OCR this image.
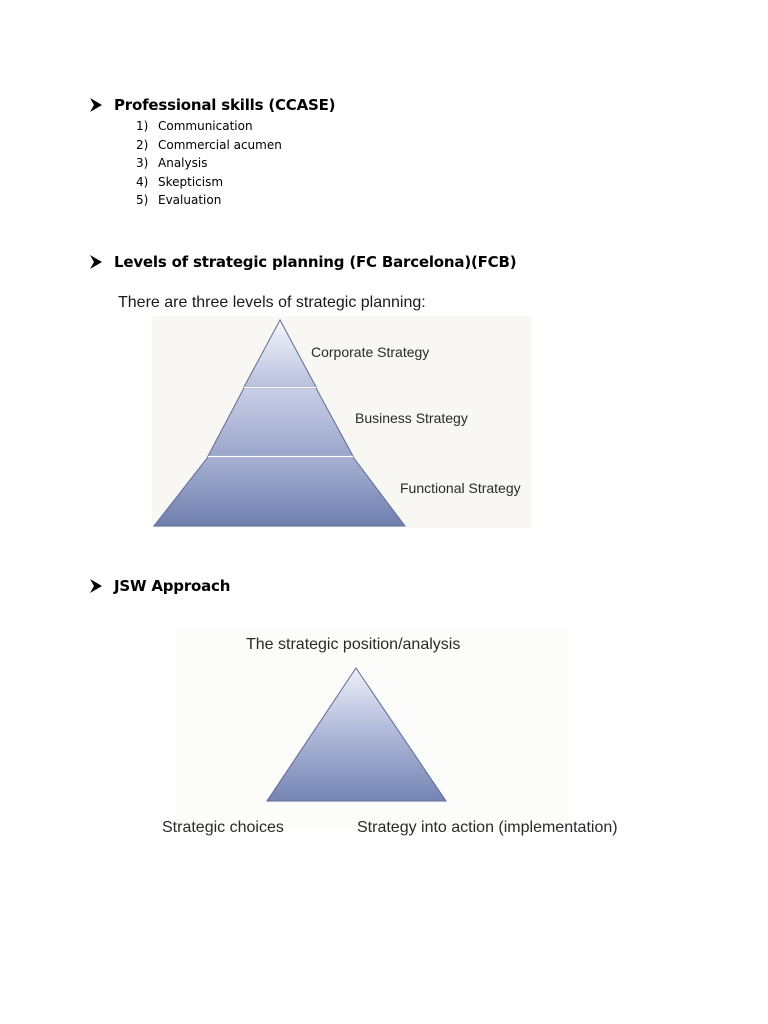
Professional skills (CCASE)
1) Communication
2) Commercial acumen
3) Analysis
4) Skepticism
5) Evaluation
Levels of strategic planning (FC Barcelona)(FCB)
There are three levels of strategic planning:
Corporate Strategy
Business Strategy
Functional Strategy
JSW Approach
The strategic position/analysis
Strategic choices	Strategy into action (implementation)
